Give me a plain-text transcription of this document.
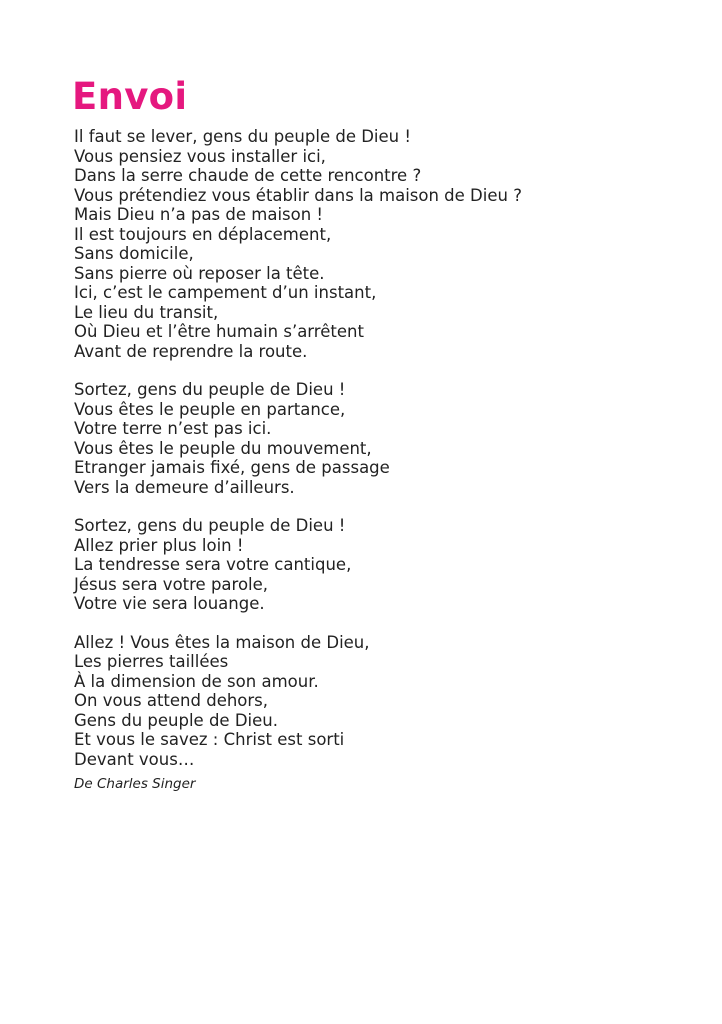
Envoi
Il faut se lever, gens du peuple de Dieu !
Vous pensiez vous installer ici,
Dans la serre chaude de cette rencontre ?
Vous prétendiez vous établir dans la maison de Dieu ?
Mais Dieu n’a pas de maison !
Il est toujours en déplacement,
Sans domicile,
Sans pierre où reposer la tête.
Ici, c’est le campement d’un instant,
Le lieu du transit,
Où Dieu et l’être humain s’arrêtent
Avant de reprendre la route.
Sortez, gens du peuple de Dieu !
Vous êtes le peuple en partance,
Votre terre n’est pas ici.
Vous êtes le peuple du mouvement,
Etranger jamais fixé, gens de passage
Vers la demeure d’ailleurs.
Sortez, gens du peuple de Dieu !
Allez prier plus loin !
La tendresse sera votre cantique,
Jésus sera votre parole,
Votre vie sera louange.
Allez ! Vous êtes la maison de Dieu,
Les pierres taillées
À la dimension de son amour.
On vous attend dehors,
Gens du peuple de Dieu.
Et vous le savez : Christ est sorti
Devant vous…
De Charles Singer
